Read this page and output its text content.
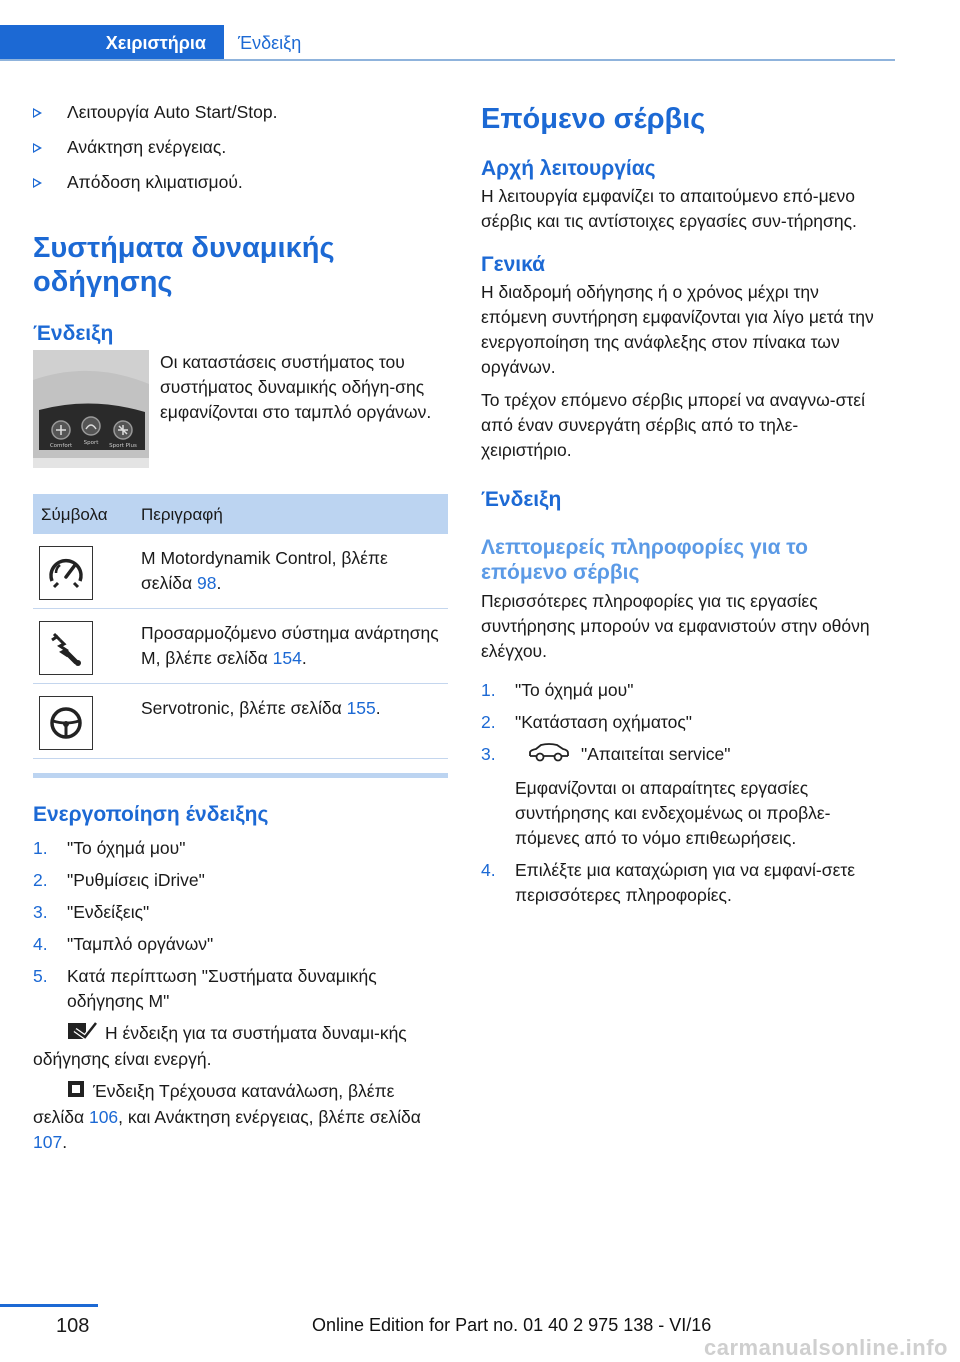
Χειριστήρια Ένδειξη
Λειτουργία Auto Start/Stop.
Ανάκτηση ενέργειας.
Απόδοση κλιματισμού.
Συστήματα δυναμικής οδήγησης
Ένδειξη
Comfort Sport Sport Plus

Οι καταστάσεις συστήματος του συστήματος δυναμικής οδήγη-σης εμφανίζονται στο ταμπλό οργάνων.

Σύμβολα	Περιγραφή

	M Motordynamik Control, βλέπε σελίδα 98.

	Προσαρμοζόμενο σύστημα ανάρτησης M, βλέπε σελίδα 154.

	Servotronic, βλέπε σελίδα 155.
Ενεργοποίηση ένδειξης
1. "Το όχημά μου"
2. "Ρυθμίσεις iDrive"
3. "Ενδείξεις"
4. "Ταμπλό οργάνων"
5. Κατά περίπτωση "Συστήματα δυναμικής οδήγησης M"
Η ένδειξη για τα συστήματα δυναμι-κής οδήγησης είναι ενεργή.
Ένδειξη Τρέχουσα κατανάλωση, βλέπε σελίδα 106, και Ανάκτηση ενέργειας, βλέπε σελίδα 107.
Επόμενο σέρβις
Αρχή λειτουργίας

Η λειτουργία εμφανίζει το απαιτούμενο επό-μενο σέρβις και τις αντίστοιχες εργασίες συν-τήρησης.

Γενικά

Η διαδρομή οδήγησης ή ο χρόνος μέχρι την επόμενη συντήρηση εμφανίζονται για λίγο μετά την ενεργοποίηση της ανάφλεξης στον πίνακα των οργάνων.

Το τρέχον επόμενο σέρβις μπορεί να αναγνω-στεί από έναν συνεργάτη σέρβις από το τηλε-χειριστήριο.

Ένδειξη
Λεπτομερείς πληροφορίες για το επόμενο σέρβις

Περισσότερες πληροφορίες για τις εργασίες συντήρησης μπορούν να εμφανιστούν στην οθόνη ελέγχου.

1. "Το όχημά μου"
2. "Κατάσταση οχήματος"
3.	"Απαιτείται service"
Εμφανίζονται οι απαραίτητες εργασίες συντήρησης και ενδεχομένως οι προβλε-πόμενες από το νόμο επιθεωρήσεις.
4. Επιλέξτε μια καταχώριση για να εμφανί-σετε περισσότερες πληροφορίες.
108	Online Edition for Part no. 01 40 2 975 138 - VI/16
carmanualsonline.info
